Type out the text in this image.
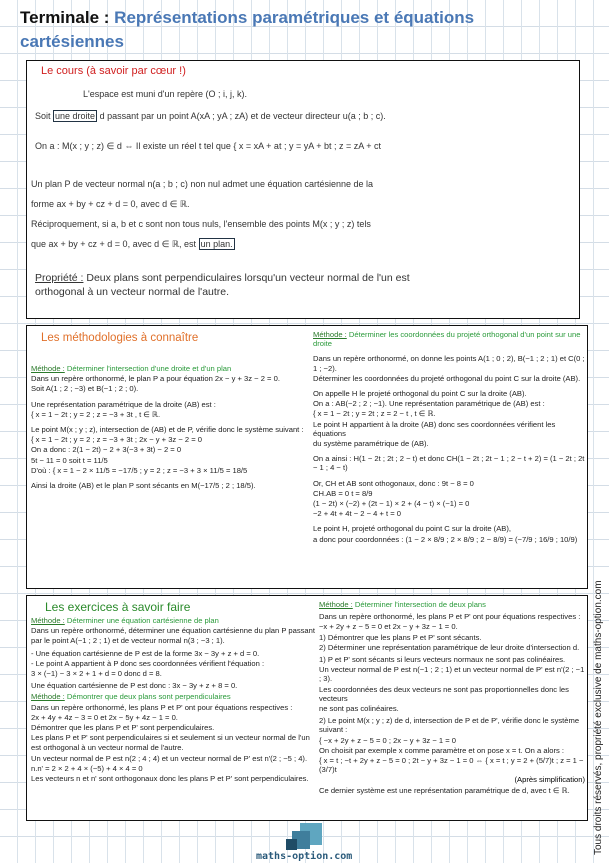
Terminale : Représentations paramétriques et équations
cartésiennes
Le cours (à savoir par cœur !)
L'espace est muni d'un repère (O ; i, j, k).
Soit une droite d passant par un point A(xA ; yA ; zA) et de vecteur directeur u(a ; b ; c).
On a : M(x ; y ; z) ∈ d ⇔ Il existe un réel t tel que { x = xA + at ; y = yA + bt ; z = zA + ct
Un plan P de vecteur normal n(a ; b ; c) non nul admet une équation cartésienne de la
forme ax + by + cz + d = 0, avec d ∈ ℝ.
Réciproquement, si a, b et c sont non tous nuls, l'ensemble des points M(x ; y ; z) tels
que ax + by + cz + d = 0, avec d ∈ ℝ, est un plan.
Propriété : Deux plans sont perpendiculaires lorsqu'un vecteur normal de l'un est
orthogonal à un vecteur normal de l'autre.
Les méthodologies à connaître
Méthode : Déterminer l'intersection d'une droite et d'un plan
Dans un repère orthonormé, le plan P a pour équation 2x − y + 3z − 2 = 0.
Soit A(1 ; 2 ; −3) et B(−1 ; 2 ; 0).
Une représentation paramétrique de la droite (AB) est :
{ x = 1 − 2t ; y = 2 ; z = −3 + 3t , t ∈ ℝ.
Le point M(x ; y ; z), intersection de (AB) et de P, vérifie donc le système suivant :
{ x = 1 − 2t ; y = 2 ; z = −3 + 3t ; 2x − y + 3z − 2 = 0
On a donc : 2(1 − 2t) − 2 + 3(−3 + 3t) − 2 = 0
5t − 11 = 0 soit t = 11/5
D'où : { x = 1 − 2 × 11/5 = −17/5 ; y = 2 ; z = −3 + 3 × 11/5 = 18/5
Ainsi la droite (AB) et le plan P sont sécants en M(−17/5 ; 2 ; 18/5).
Méthode : Déterminer les coordonnées du projeté orthogonal d'un point sur une droite
Dans un repère orthonormé, on donne les points A(1 ; 0 ; 2), B(−1 ; 2 ; 1) et C(0 ; 1 ; −2).
Déterminer les coordonnées du projeté orthogonal du point C sur la droite (AB).
On appelle H le projeté orthogonal du point C sur la droite (AB).
On a : AB(−2 ; 2 ; −1). Une représentation paramétrique de (AB) est :
{ x = 1 − 2t ; y = 2t ; z = 2 − t , t ∈ ℝ.
Le point H appartient à la droite (AB) donc ses coordonnées vérifient les équations
du système paramétrique de (AB).
On a ainsi : H(1 − 2t ; 2t ; 2 − t) et donc CH(1 − 2t ; 2t − 1 ; 2 − t + 2) = (1 − 2t ; 2t − 1 ; 4 − t)
Or, CH et AB sont othogonaux, donc : 9t − 8 = 0
CH.AB = 0 t = 8/9
(1 − 2t) × (−2) + (2t − 1) × 2 + (4 − t) × (−1) = 0
−2 + 4t + 4t − 2 − 4 + t = 0
Le point H, projeté orthogonal du point C sur la droite (AB),
a donc pour coordonnées : (1 − 2 × 8/9 ; 2 × 8/9 ; 2 − 8/9) = (−7/9 ; 16/9 ; 10/9)
Les exercices à savoir faire
Méthode : Déterminer une équation cartésienne de plan
Dans un repère orthonormé, déterminer une équation cartésienne du plan P passant
par le point A(−1 ; 2 ; 1) et de vecteur normal n(3 ; −3 ; 1).
- Une équation cartésienne de P est de la forme 3x − 3y + z + d = 0.
- Le point A appartient à P donc ses coordonnées vérifient l'équation :
3 × (−1) − 3 × 2 + 1 + d = 0 donc d = 8.
Une équation cartésienne de P est donc : 3x − 3y + z + 8 = 0.
Méthode : Démontrer que deux plans sont perpendiculaires
Dans un repère orthonormé, les plans P et P' ont pour équations respectives :
2x + 4y + 4z − 3 = 0 et 2x − 5y + 4z − 1 = 0.
Démontrer que les plans P et P' sont perpendiculaires.
Les plans P et P' sont perpendiculaires si et seulement si un vecteur normal de l'un
est orthogonal à un vecteur normal de l'autre.
Un vecteur normal de P est n(2 ; 4 ; 4) et un vecteur normal de P' est n'(2 ; −5 ; 4).
n.n' = 2 × 2 + 4 × (−5) + 4 × 4 = 0
Les vecteurs n et n' sont orthogonaux donc les plans P et P' sont perpendiculaires.
Méthode : Déterminer l'intersection de deux plans
Dans un repère orthonormé, les plans P et P' ont pour équations respectives :
−x + 2y + z − 5 = 0 et 2x − y + 3z − 1 = 0.
1) Démontrer que les plans P et P' sont sécants.
2) Déterminer une représentation paramétrique de leur droite d'intersection d.
1) P et P' sont sécants si leurs vecteurs normaux ne sont pas colinéaires.
Un vecteur normal de P est n(−1 ; 2 ; 1) et un vecteur normal de P' est n'(2 ; −1 ; 3).
Les coordonnées des deux vecteurs ne sont pas proportionnelles donc les vecteurs
ne sont pas colinéaires.
2) Le point M(x ; y ; z) de d, intersection de P et de P', vérifie donc le système suivant :
{ −x + 2y + z − 5 = 0 ; 2x − y + 3z − 1 = 0
On choisit par exemple x comme paramètre et on pose x = t. On a alors :
{ x = t ; −t + 2y + z − 5 = 0 ; 2t − y + 3z − 1 = 0 ⇔ { x = t ; y = 2 + (5/7)t ; z = 1 − (3/7)t
(Après simplification)
Ce dernier système est une représentation paramétrique de d, avec t ∈ ℝ.
maths-option.com
Tous droits réservés, propriété exclusive de maths-option.com
